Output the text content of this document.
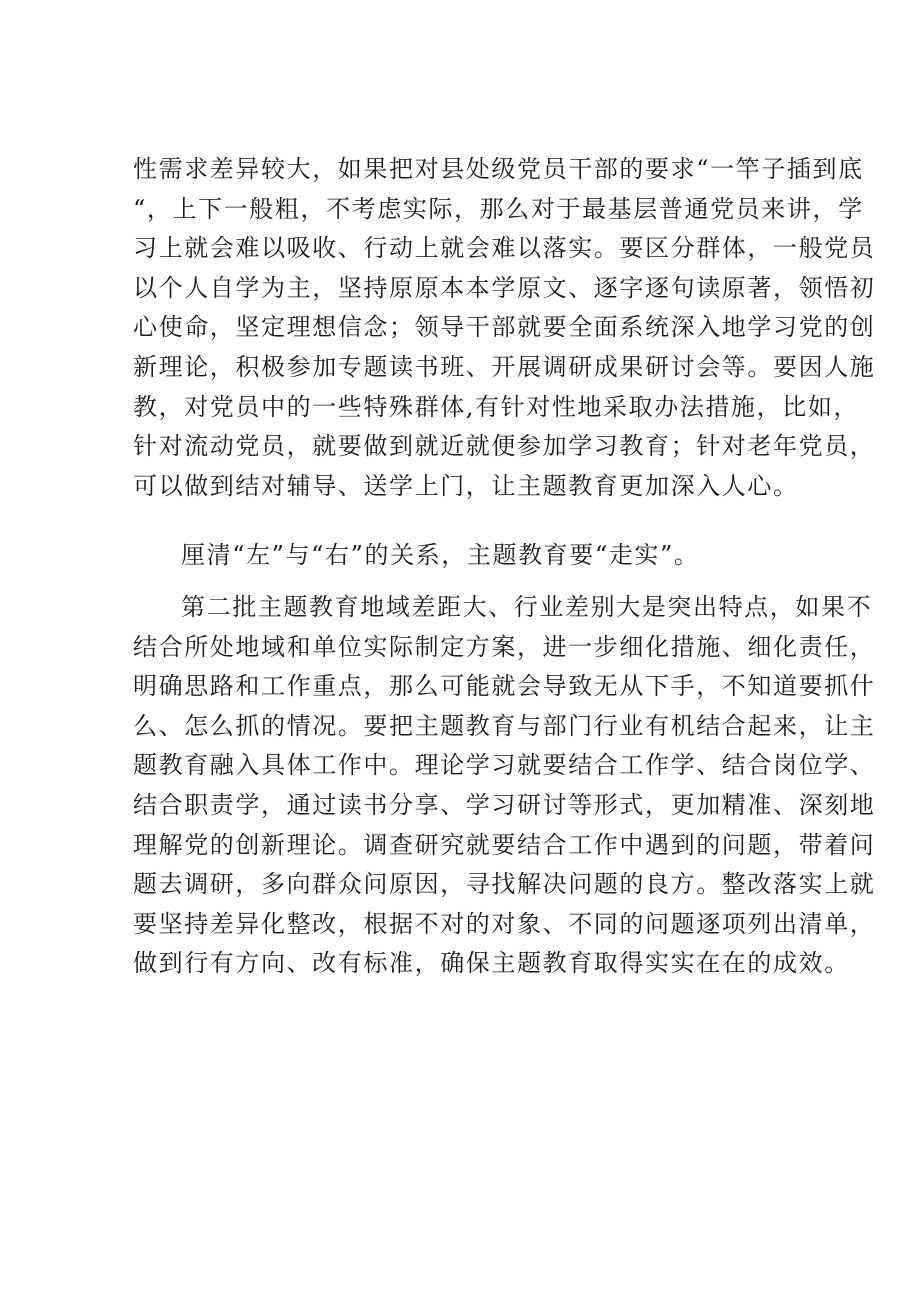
性需求差异较大，如果把对县处级党员干部的要求“一竿子插到底
“，上下一般粗，不考虑实际，那么对于最基层普通党员来讲，学
习上就会难以吸收、行动上就会难以落实。要区分群体，一般党员
以个人自学为主，坚持原原本本学原文、逐字逐句读原著，领悟初
心使命，坚定理想信念；领导干部就要全面系统深入地学习党的创
新理论，积极参加专题读书班、开展调研成果研讨会等。要因人施
教，对党员中的一些特殊群体,有针对性地采取办法措施，比如，
针对流动党员，就要做到就近就便参加学习教育；针对老年党员，
可以做到结对辅导、送学上门，让主题教育更加深入人心。
厘清“左”与“右”的关系，主题教育要“走实”。
第二批主题教育地域差距大、行业差别大是突出特点，如果不
结合所处地域和单位实际制定方案，进一步细化措施、细化责任，
明确思路和工作重点，那么可能就会导致无从下手，不知道要抓什
么、怎么抓的情况。要把主题教育与部门行业有机结合起来，让主
题教育融入具体工作中。理论学习就要结合工作学、结合岗位学、
结合职责学，通过读书分享、学习研讨等形式，更加精准、深刻地
理解党的创新理论。调查研究就要结合工作中遇到的问题，带着问
题去调研，多向群众问原因，寻找解决问题的良方。整改落实上就
要坚持差异化整改，根据不对的对象、不同的问题逐项列出清单，
做到行有方向、改有标准，确保主题教育取得实实在在的成效。
